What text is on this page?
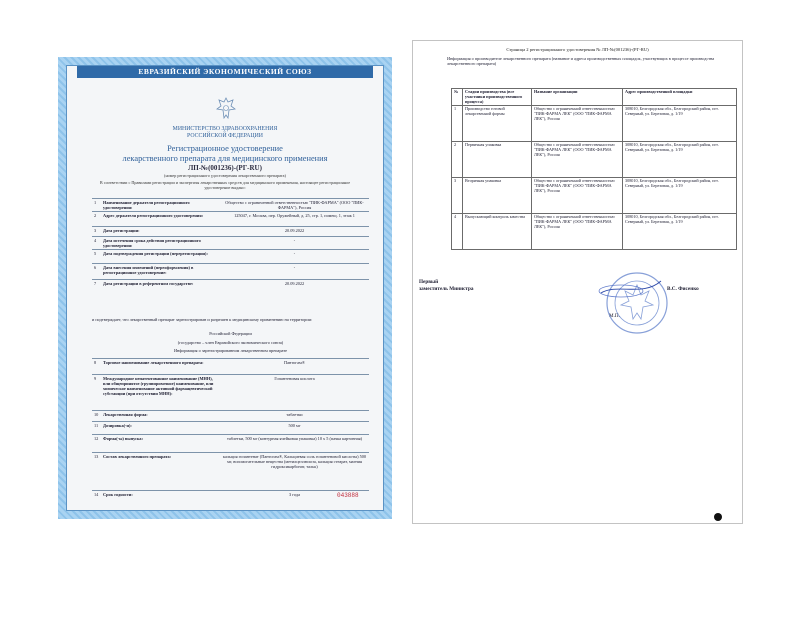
ЕВРАЗИЙСКИЙ ЭКОНОМИЧЕСКИЙ СОЮЗ
МИНИСТЕРСТВО ЗДРАВООХРАНЕНИЯ
РОССИЙСКОЙ ФЕДЕРАЦИИ
Регистрационное удостоверение
лекарственного препарата для медицинского применения
ЛП-№(001236)-(РГ-RU)
(номер регистрационного удостоверения лекарственного препарата)
В соответствии с Правилами регистрации и экспертизы лекарственных средств для медицинского применения, настоящее регистрационное удостоверение выдано:
1	Наименование держателя регистрационного удостоверения:
Общество с ограниченной ответственностью "ПИК-ФАРМА" (ООО "ПИК-ФАРМА"), Россия
2	Адрес держателя регистрационного удостоверения:	125047, г. Москва, пер. Оружейный, д. 25, стр. 1, помещ. 1, этаж 1
3	Дата регистрации:	20.09.2022
4	Дата истечения срока действия регистрационного удостоверения:
-
5	Дата подтверждения регистрации (перерегистрации):	-
6	Дата внесения изменений (переоформления) в регистрационное удостоверение:
-
7	Дата регистрации в референтном государстве:	20.09.2022
и подтверждает, что лекарственный препарат зарегистрирован и разрешен к медицинскому применению на территории:
Российской Федерации
(государство – член Евразийского экономического союза)
Информация о зарегистрированном лекарственном препарате
8	Торговое наименование лекарственного препарата:	Пантогам®
9	Международное непатентованное наименование (МНН), или общепринятое (группировочное) наименование, или химическое наименование активной фармацевтической субстанции (при отсутствии МНН):
Гопантеновая кислота
10	Лекарственная форма:	таблетки
11	Дозировка(-и):	500 мг
12	Форма(-ы) выпуска:	таблетки, 500 мг (контурная ячейковая упаковка) 10 x 5 (пачка картонная)
13	Состав лекарственного препарата:	кальция гопантенат (Пантогам®, Кальциевая соль гопантеновой кислоты) 500 мг, вспомогательные вещества (метилцеллюлоза, кальция стеарат, магния гидроксикарбонат, тальк)
14	Срок годности:	3 года	043888
Страница 2 регистрационного удостоверения № ЛП-№(001236)-(РГ-RU)
Информация о производителе лекарственного препарата (название и адреса производственных площадок, участвующих в процессе производства лекарственного препарата)
№	Стадии производства (все участники производственного процесса)	Название организации	Адрес производственной площадки
1	Производство готовой лекарственной формы	Общество с ограниченной ответственностью "ПИК-ФАРМА ЛЕК" (ООО "ПИК-ФАРМА ЛЕК"), Россия	308010, Белгородская обл., Белгородский район, пгт. Северный, ул. Березовая, д. 1/19
2	Первичная упаковка	Общество с ограниченной ответственностью "ПИК-ФАРМА ЛЕК" (ООО "ПИК-ФАРМА ЛЕК"), Россия	308010, Белгородская обл., Белгородский район, пгт. Северный, ул. Березовая, д. 1/19
3	Вторичная упаковка	Общество с ограниченной ответственностью "ПИК-ФАРМА ЛЕК" (ООО "ПИК-ФАРМА ЛЕК"), Россия	308010, Белгородская обл., Белгородский район, пгт. Северный, ул. Березовая, д. 1/19
4	Выпускающий контроль качества	Общество с ограниченной ответственностью "ПИК-ФАРМА ЛЕК" (ООО "ПИК-ФАРМА ЛЕК"), Россия	308010, Белгородская обл., Белгородский район, пгт. Северный, ул. Березовая, д. 1/19
Первый
заместитель Министра	В.С. Фисенко
М.П.
